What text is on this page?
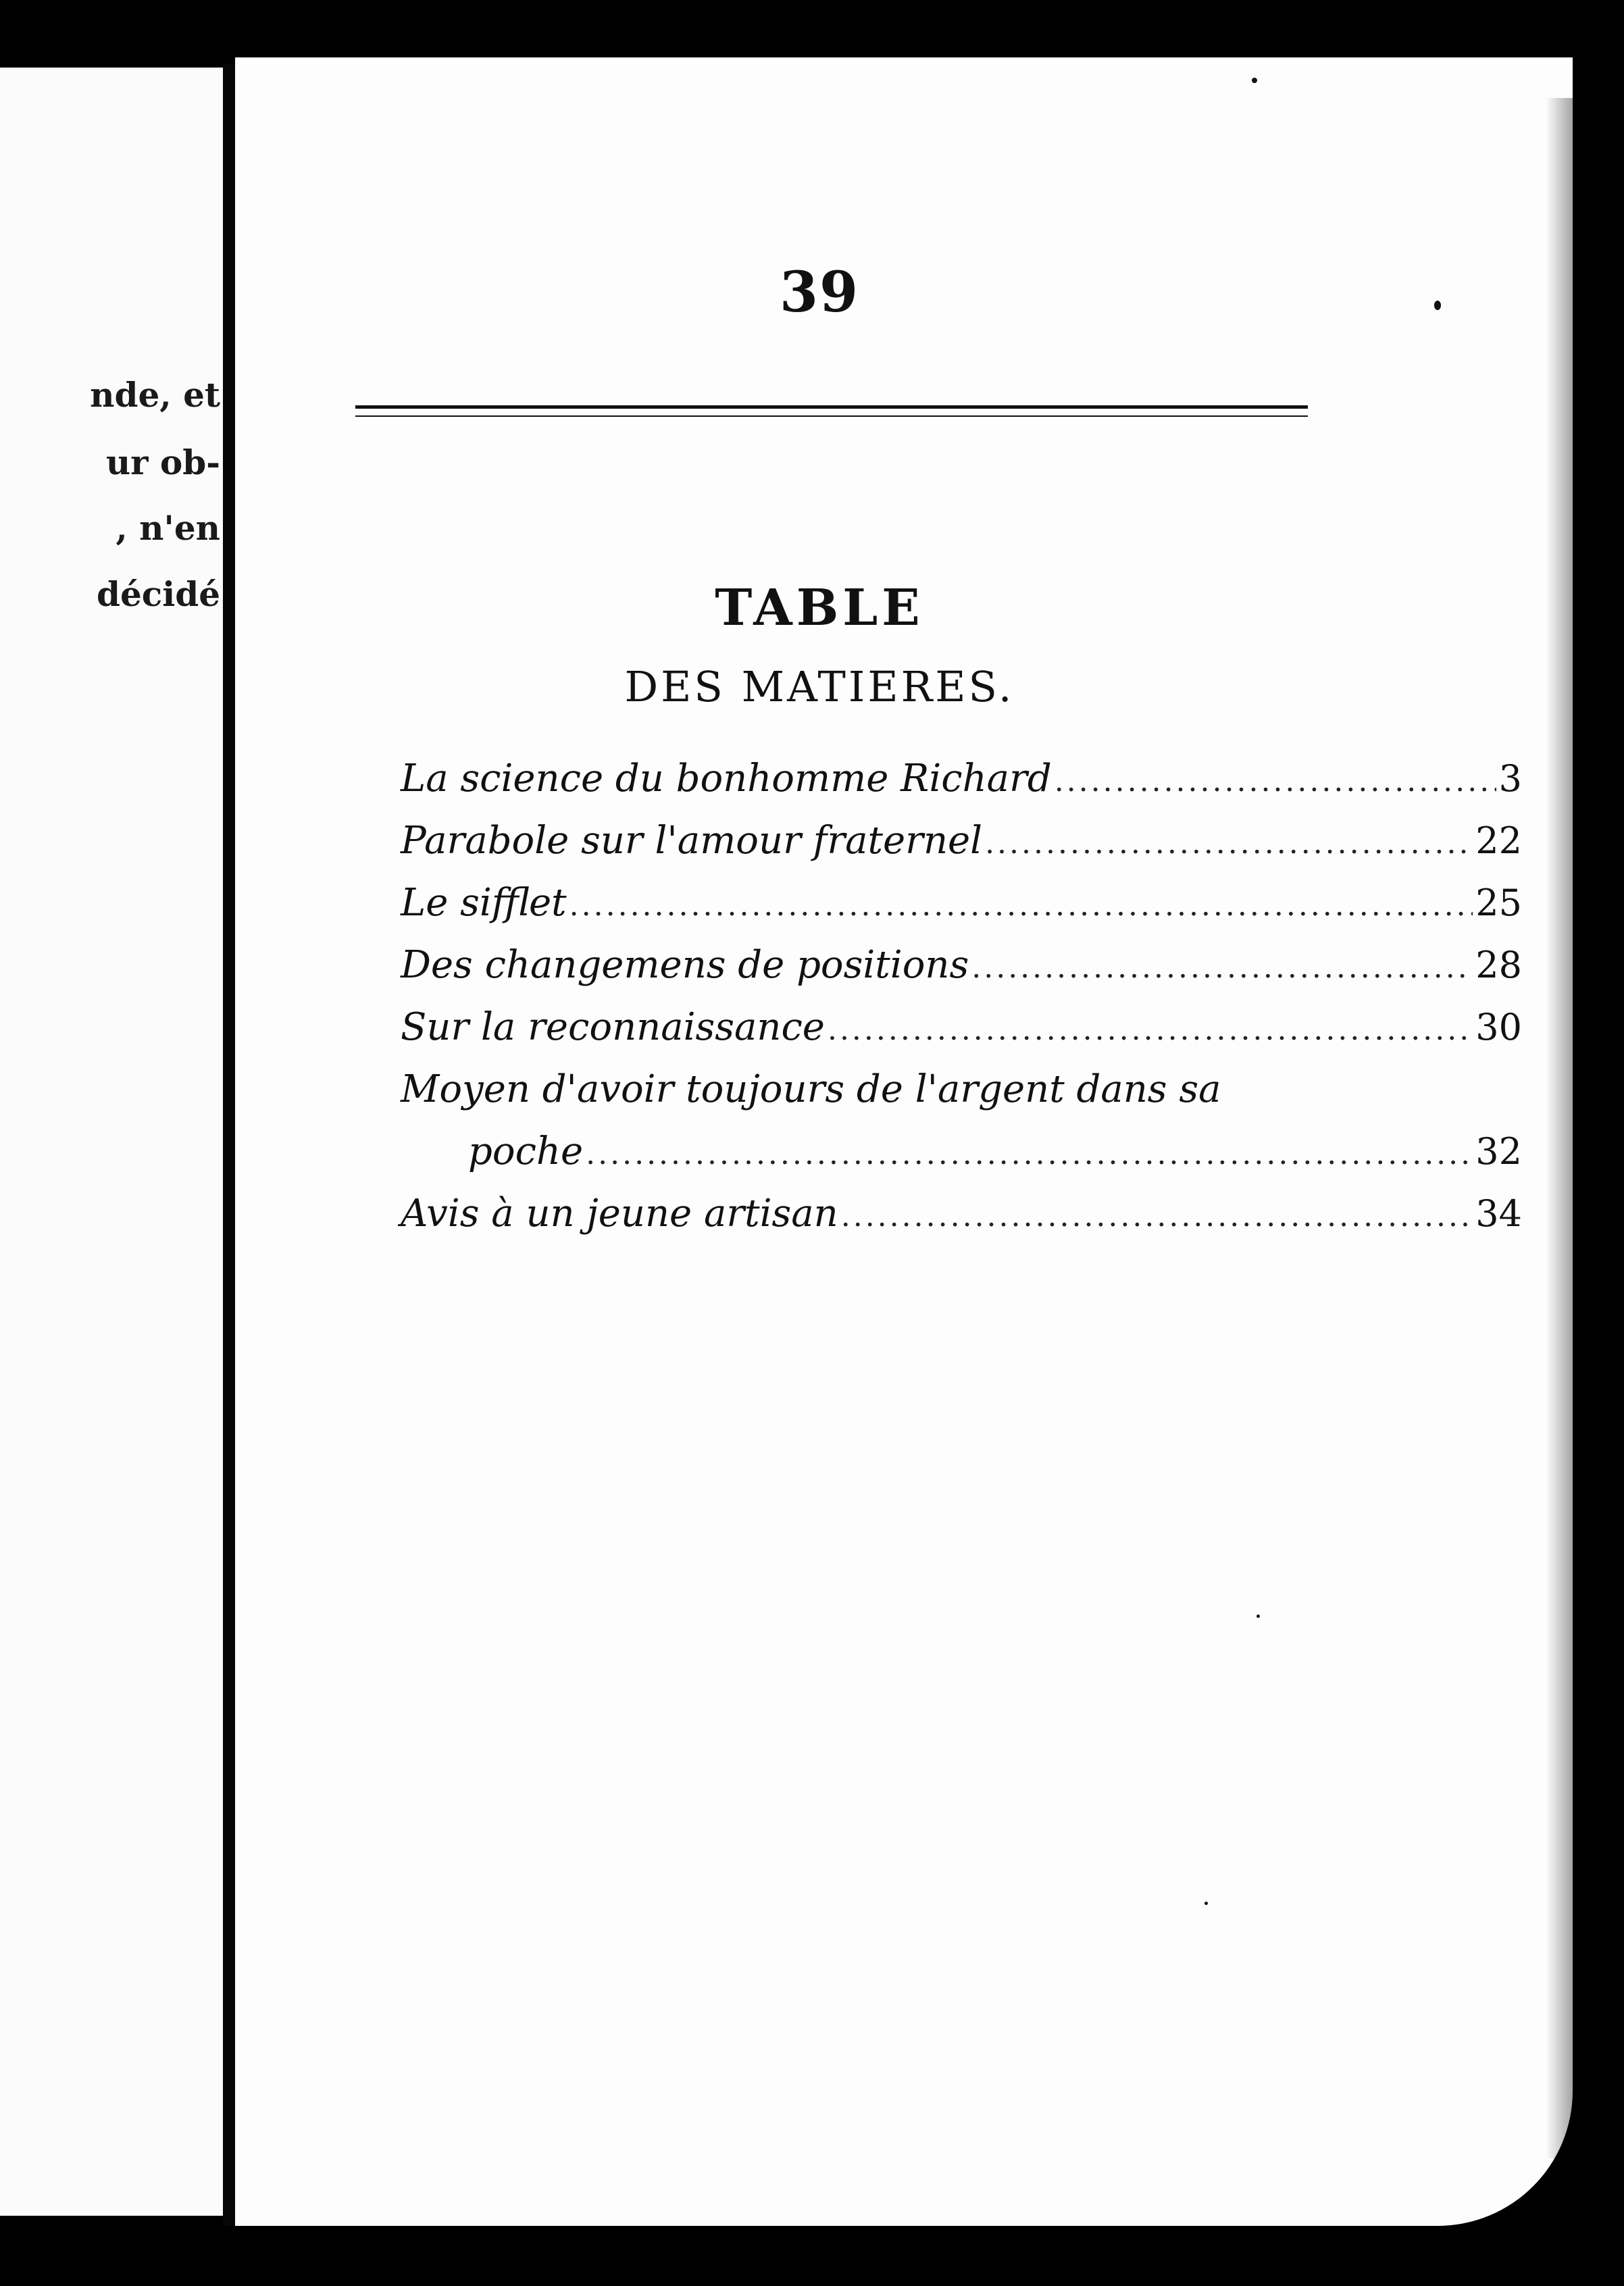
nde, et
ur ob-
, n'en
décidé
39
TABLE
DES MATIERES.
La science du bonhomme Richard .....	3
Parabole sur l'amour fraternel .....	22
Le sifflet .....	25
Des changemens de positions .....	28
Sur la reconnaissance .....	30
Moyen d'avoir toujours de l'argent dans sa
poche .....	32
Avis à un jeune artisan .....	34
